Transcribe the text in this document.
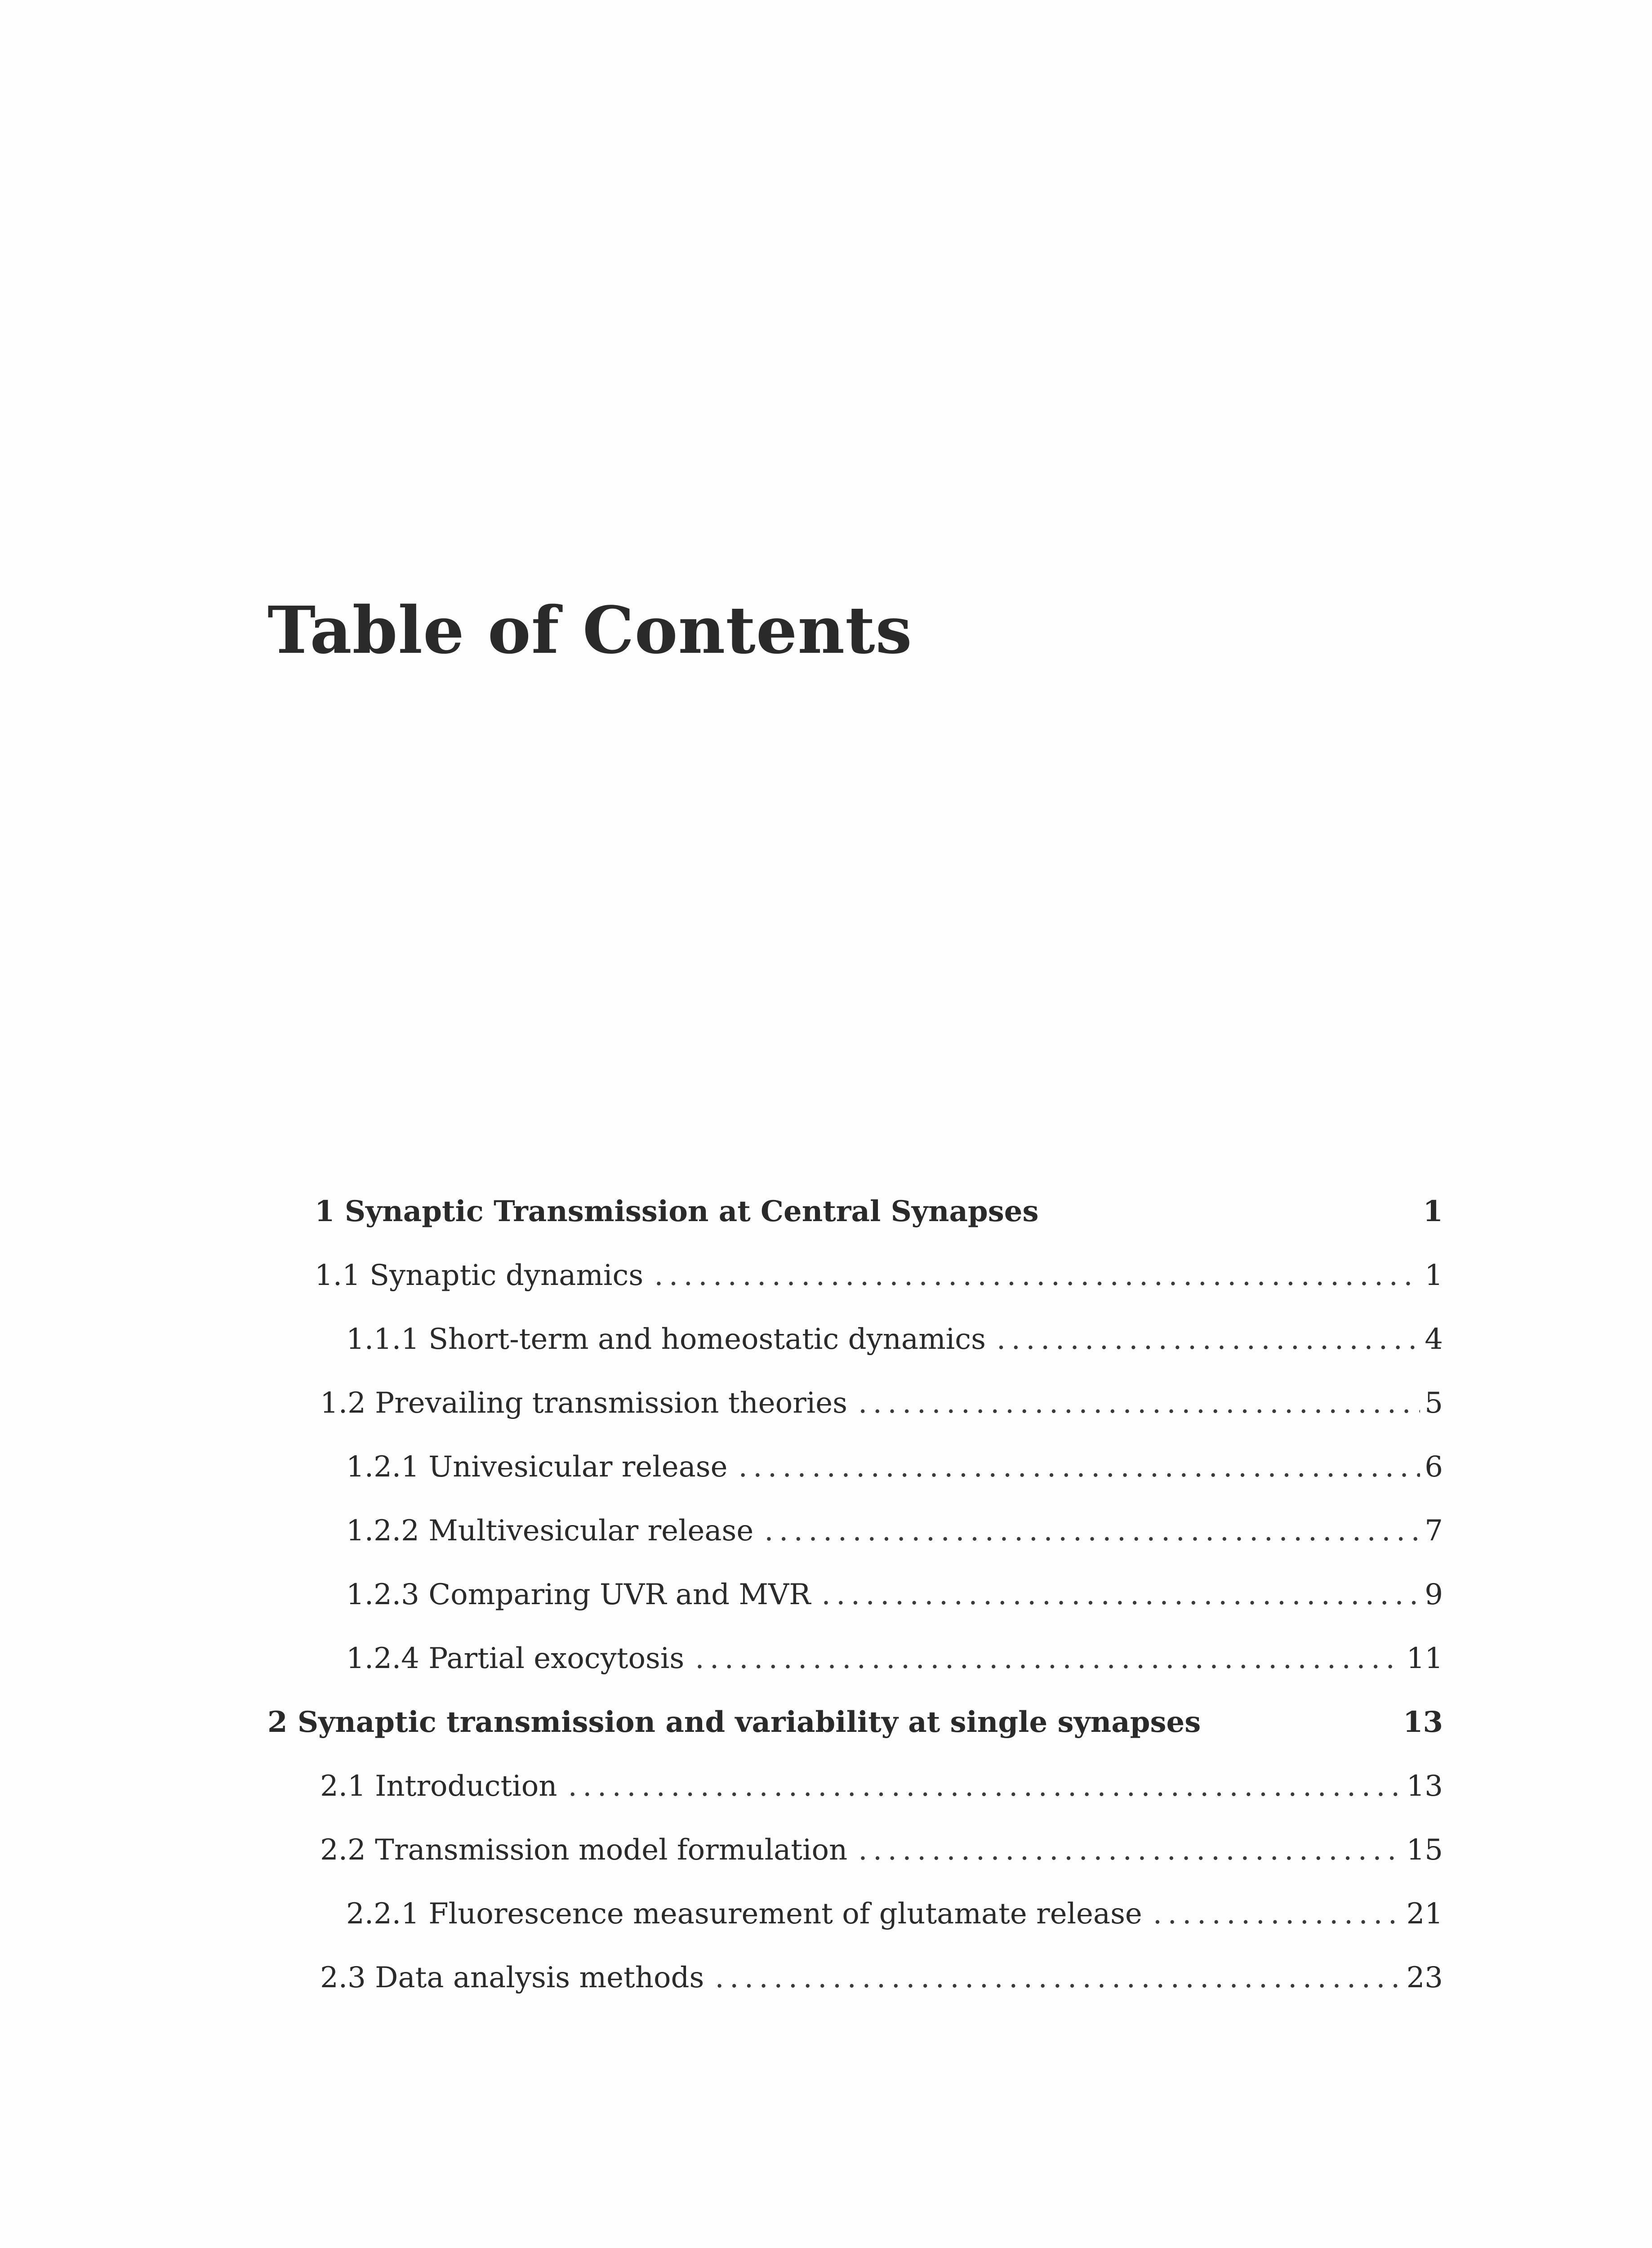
Table of Contents
1 Synaptic Transmission at Central Synapses	1
1.1 Synaptic dynamics . . .	1
1.1.1 Short-term and homeostatic dynamics . . .	4
1.2 Prevailing transmission theories . . .	5
1.2.1 Univesicular release . . .	6
1.2.2 Multivesicular release . . .	7
1.2.3 Comparing UVR and MVR . . .	9
1.2.4 Partial exocytosis . . .	11
2 Synaptic transmission and variability at single synapses	13
2.1 Introduction . . .	13
2.2 Transmission model formulation . . .	15
2.2.1 Fluorescence measurement of glutamate release . . .	21
2.3 Data analysis methods . . .	23
